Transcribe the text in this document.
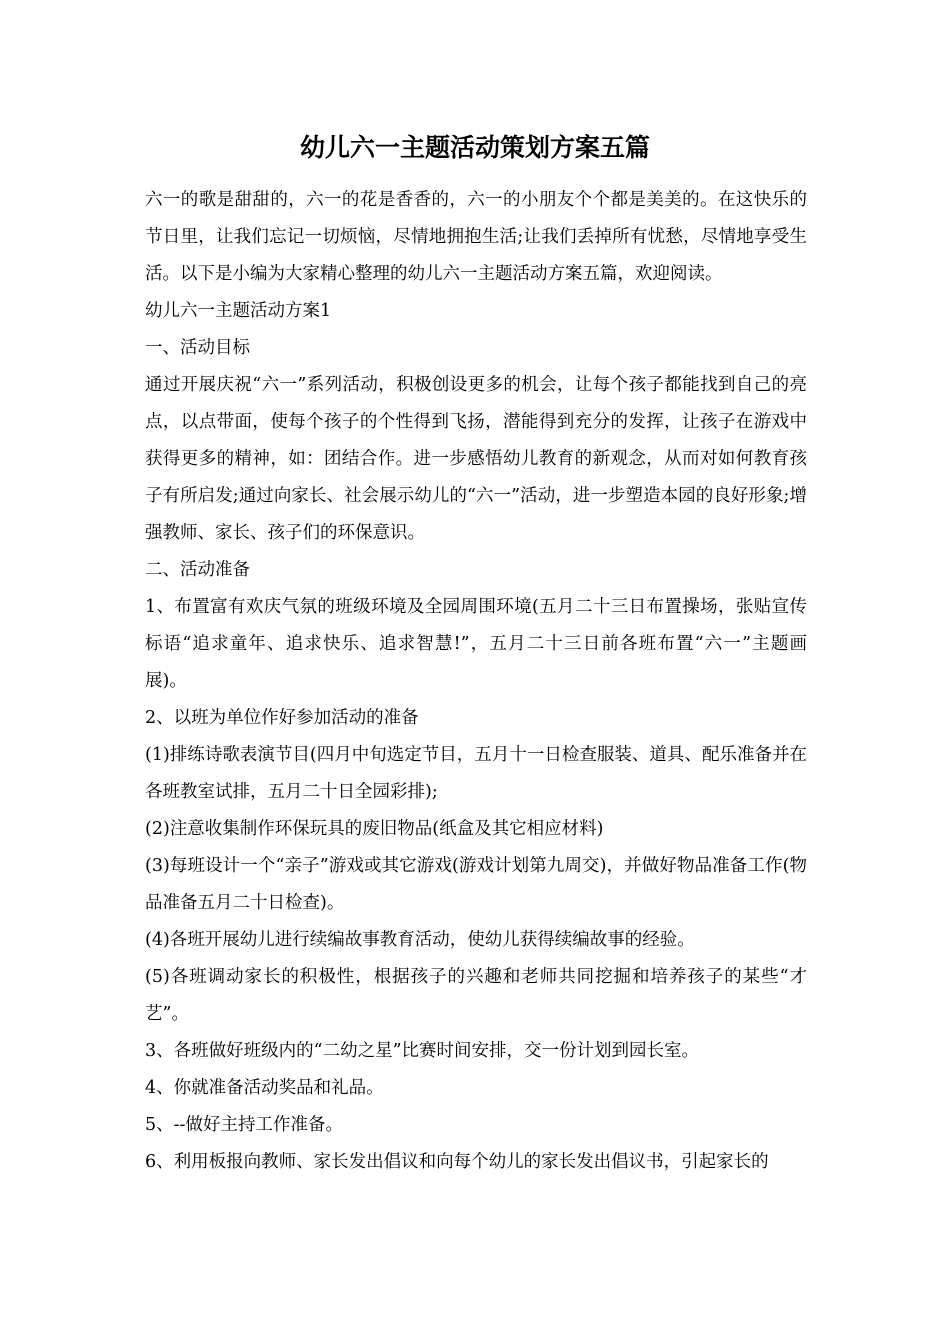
幼儿六一主题活动策划方案五篇

六一的歌是甜甜的，六一的花是香香的，六一的小朋友个个都是美美的。在这快乐的节日里，让我们忘记一切烦恼，尽情地拥抱生活;让我们丢掉所有忧愁，尽情地享受生活。以下是小编为大家精心整理的幼儿六一主题活动方案五篇，欢迎阅读。

幼儿六一主题活动方案1

一、活动目标

通过开展庆祝“六一”系列活动，积极创设更多的机会，让每个孩子都能找到自己的亮点，以点带面，使每个孩子的个性得到飞扬，潜能得到充分的发挥，让孩子在游戏中获得更多的精神，如：团结合作。进一步感悟幼儿教育的新观念，从而对如何教育孩子有所启发;通过向家长、社会展示幼儿的“六一”活动，进一步塑造本园的良好形象;增强教师、家长、孩子们的环保意识。

二、活动准备

1、布置富有欢庆气氛的班级环境及全园周围环境(五月二十三日布置操场，张贴宣传标语“追求童年、追求快乐、追求智慧!”，五月二十三日前各班布置“六一”主题画展)。

2、以班为单位作好参加活动的准备

(1)排练诗歌表演节目(四月中旬选定节目，五月十一日检查服装、道具、配乐准备并在各班教室试排，五月二十日全园彩排);

(2)注意收集制作环保玩具的废旧物品(纸盒及其它相应材料)

(3)每班设计一个“亲子”游戏或其它游戏(游戏计划第九周交)，并做好物品准备工作(物品准备五月二十日检查)。

(4)各班开展幼儿进行续编故事教育活动，使幼儿获得续编故事的经验。

(5)各班调动家长的积极性，根据孩子的兴趣和老师共同挖掘和培养孩子的某些“才艺”。

3、各班做好班级内的“二幼之星”比赛时间安排，交一份计划到园长室。

4、你就准备活动奖品和礼品。

5、--做好主持工作准备。

6、利用板报向教师、家长发出倡议和向每个幼儿的家长发出倡议书，引起家长的
